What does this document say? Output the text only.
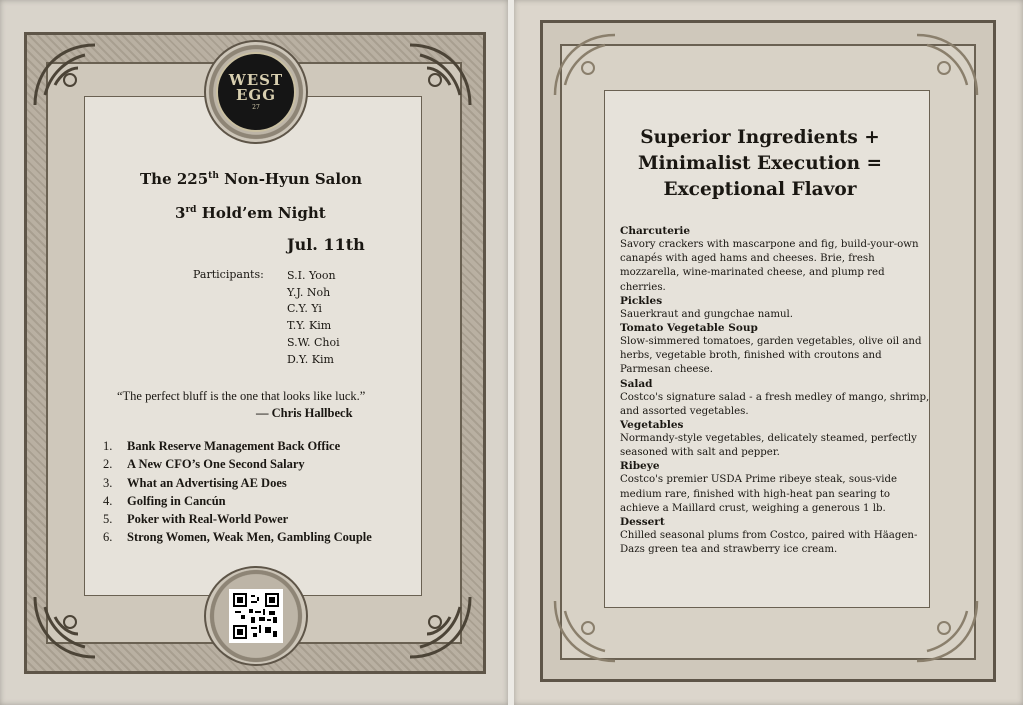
WEST
EGG
27
The 225th Non-Hyun Salon
3rd Hold’em Night
Jul. 11th
Participants: S.I. Yoon
Y.J. Noh
C.Y. Yi
T.Y. Kim
S.W. Choi
D.Y. Kim
“The perfect bluff is the one that looks like luck.”
— Chris Hallbeck
1. Bank Reserve Management Back Office
2. A New CFO’s One Second Salary
3. What an Advertising AE Does
4. Golfing in Cancún
5. Poker with Real-World Power
6. Strong Women, Weak Men, Gambling Couple
Superior Ingredients +
Minimalist Execution =
Exceptional Flavor
Charcuterie
Savory crackers with mascarpone and fig, build-your-own canapés with aged hams and cheeses. Brie, fresh mozzarella, wine-marinated cheese, and plump red cherries.
Pickles
Sauerkraut and gungchae namul.
Tomato Vegetable Soup
Slow-simmered tomatoes, garden vegetables, olive oil and herbs, vegetable broth, finished with croutons and Parmesan cheese.
Salad
Costco's signature salad - a fresh medley of mango, shrimp, and assorted vegetables.
Vegetables
Normandy-style vegetables, delicately steamed, perfectly seasoned with salt and pepper.
Ribeye
Costco's premier USDA Prime ribeye steak, sous-vide medium rare, finished with high-heat pan searing to achieve a Maillard crust, weighing a generous 1 lb.
Dessert
Chilled seasonal plums from Costco, paired with Häagen-Dazs green tea and strawberry ice cream.
